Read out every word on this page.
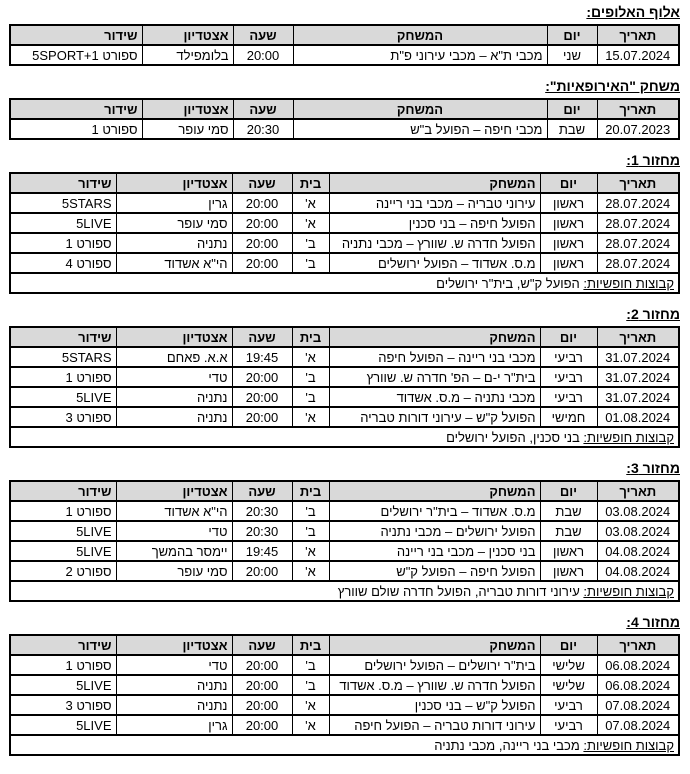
אלוף האלופים:
תאריך	יום	המשחק	שעה	אצטדיון	שידור
15.07.2024	שני	מכבי ת"א – מכבי עירוני פ"ת	20:00	בלומפילד	ספורט 5SPORT+1
משחק "האירופאיות":
תאריך	יום	המשחק	שעה	אצטדיון	שידור
20.07.2023	שבת	מכבי חיפה – הפועל ב"ש	20:30	סמי עופר	ספורט 1
מחזור 1:
תאריך	יום	המשחק	בית	שעה	אצטדיון	שידור
28.07.2024	ראשון	עירוני טבריה – מכבי בני ריינה	א'	20:00	גרין	5STARS
28.07.2024	ראשון	הפועל חיפה – בני סכנין	א'	20:00	סמי עופר	5LIVE
28.07.2024	ראשון	הפועל חדרה ש. שוורץ – מכבי נתניה	ב'	20:00	נתניה	ספורט 1
28.07.2024	ראשון	מ.ס. אשדוד – הפועל ירושלים	ב'	20:00	הי"א אשדוד	ספורט 4
קבוצות חופשיות: הפועל ק"ש, בית"ר ירושלים						
מחזור 2:
תאריך	יום	המשחק	בית	שעה	אצטדיון	שידור
31.07.2024	רביעי	מכבי בני ריינה – הפועל חיפה	א'	19:45	א.א. פאחם	5STARS
31.07.2024	רביעי	בית"ר י-ם – הפ' חדרה ש. שוורץ	ב'	20:00	טדי	ספורט 1
31.07.2024	רביעי	מכבי נתניה – מ.ס. אשדוד	ב'	20:00	נתניה	5LIVE
01.08.2024	חמישי	הפועל ק"ש – עירוני דורות טבריה	א'	20:00	נתניה	ספורט 3
קבוצות חופשיות: בני סכנין, הפועל ירושלים						
מחזור 3:
תאריך	יום	המשחק	בית	שעה	אצטדיון	שידור
03.08.2024	שבת	מ.ס. אשדוד – בית"ר ירושלים	ב'	20:30	הי"א אשדוד	ספורט 1
03.08.2024	שבת	הפועל ירושלים – מכבי נתניה	ב'	20:30	טדי	5LIVE
04.08.2024	ראשון	בני סכנין – מכבי בני ריינה	א'	19:45	יימסר בהמשך	5LIVE
04.08.2024	ראשון	הפועל חיפה – הפועל ק"ש	א'	20:00	סמי עופר	ספורט 2
קבוצות חופשיות: עירוני דורות טבריה, הפועל חדרה שולם שוורץ						
מחזור 4:
תאריך	יום	המשחק	בית	שעה	אצטדיון	שידור
06.08.2024	שלישי	בית"ר ירושלים – הפועל ירושלים	ב'	20:00	טדי	ספורט 1
06.08.2024	שלישי	הפועל חדרה ש. שוורץ – מ.ס. אשדוד	ב'	20:00	נתניה	5LIVE
07.08.2024	רביעי	הפועל ק"ש – בני סכנין	א'	20:00	נתניה	ספורט 3
07.08.2024	רביעי	עירוני דורות טבריה – הפועל חיפה	א'	20:00	גרין	5LIVE
קבוצות חופשיות: מכבי בני ריינה, מכבי נתניה						
